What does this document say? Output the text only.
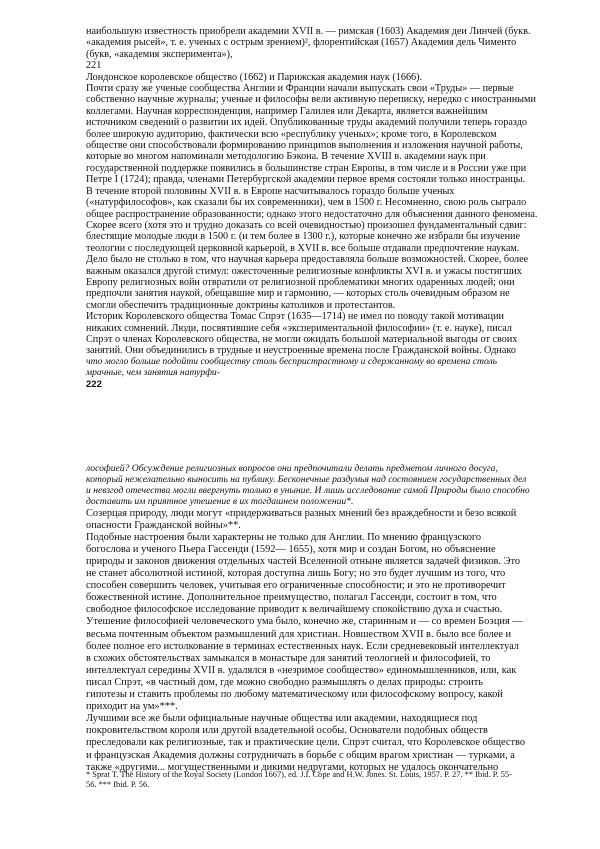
наибольшую известность приобрели академии XVII в. — римская (1603) Академия деи Линчей (букв.

«академия рысей», т. е. ученых с острым зрением)², флорентийская (1657) Академия дель Чименто

(букв, «академия эксперимента»),

221

Лондонское королевское общество (1662) и Парижская академия наук (1666).

Почти сразу же ученые сообщества Англии и Франции начали выпускать свои «Труды» — первые

собственно научные журналы; ученые и философы вели активную переписку, нередко с иностранными

коллегами. Научная корреспонденция, например Галилея или Декарта, является важнейшим

источником сведений о развитии их идей. Опубликованные труды академий получили теперь гораздо

более широкую аудиторию, фактически всю «республику ученых»; кроме того, в Королевском

обществе они способствовали формированию принципов выполнения и изложения научной работы,

которые во многом напоминали методологию Бэкона. В течение XVIII в. академии наук при

государственной поддержке появились в большинстве стран Европы, в том числе и в России уже при

Петре I (1724); правда, членами Петербургской академии первое время состояли только иностранцы.

В течение второй половины XVII в. в Европе насчитывалось гораздо больше ученых

(«натурфилософов», как сказали бы их современники), чем в 1500 г. Несомненно, свою роль сыграло

общее распространение образованности; однако этого недостаточно для объяснения данного феномена.

Скорее всего (хотя это и трудно доказать со всей очевидностью) произошел фундаментальный сдвиг:

блестящие молодые люди в 1500 г. (и тем более в 1300 г.), которые конечно же избрали бы изучение

теологии с последующей церковной карьерой, в XVII в. все больше отдавали предпочтение наукам.

Дело было не столько в том, что научная карьера предоставляла больше возможностей. Скорее, более

важным оказался другой стимул: ожесточенные религиозные конфликты XVI в. и ужасы постигших

Европу религиозных войн отвратили от религиозной проблематики многих одаренных людей; они

предпочли занятия наукой, обещавшие мир и гармонию, — которых столь очевидным образом не

смогли обеспечить традиционные доктрины католиков и протестантов.

Историк Королевского общества Томас Спрэт (1635—1714) не имел по поводу такой мотивации

никаких сомнений. Люди, посвятившие себя «экспериментальной философии» (т. е. науке), писал

Спрэт о членах Королевского общества, не могли ожидать большой материальной выгоды от своих

занятий. Они объединились в трудные и неустроенные времена после Гражданской войны. Однако

что могло больше подойти сообществу столь беспристрастному и сдержанному во времена столь

мрачные, чем занятия натурфи-

222

лософией? Обсуждение религиозных вопросов они предпочитали делать предметом личного досуга,

который нежелательно выносить на публику. Бесконечные раздумья над состоянием государственных дел

и невзгод отечества могли ввергнуть только в уныние. И лишь исследование самой Природы было способно

доставить им приятное утешение в их тогдашнем положении*.

Созерцая природу, люди могут «придерживаться разных мнений без враждебности и безо всякой

опасности Гражданской войны»**.

Подобные настроения были характерны не только для Англии. По мнению французского

богослова и ученого Пьера Гассенди (1592— 1655), хотя мир и создан Богом, но объяснение

природы и законов движения отдельных частей Вселенной отныне является задачей физиков. Это

не станет абсолютной истиной, которая доступна лишь Богу; но это будет лучшим из того, что

способен совершить человек, учитывая его ограниченные способности; и это не противоречит

божественной истине. Дополнительное преимущество, полагал Гассенди, состоит в том, что

свободное философское исследование приводит к величайшему спокойствию духа и счастью.

Утешение философией человеческого ума было, конечно же, старинным и — со времен Боэция —

весьма почтенным объектом размышлений для христиан. Новшеством XVII в. было все более и

более полное его истолкование в терминах естественных наук. Если средневековый интеллектуал

в схожих обстоятельствах замыкался в монастыре для занятий теологией и философией, то

интеллектуал середины XVII в. удалялся в «незримое сообщество» единомышленников, или, как

писал Спрэт, «в частный дом, где можно свободно размышлять о делах природы: строить

гипотезы и ставить проблемы по любому математическому или философскому вопросу, какой

приходит на ум»***.

Лучшими все же были официальные научные общества или академии, находящиеся под

покровительством короля или другой владетельной особы. Основатели подобных обществ

преследовали как религиозные, так и практические цели. Спрэт считал, что Королевское общество

и французская Академия должны сотрудничать в борьбе с общим врагом христиан — турками, а

также «другими... могущественными и дикими недругами, которых не удалось окончательно

* Sprat T. The History of the Royal Society (London 1667), ed. J.I. Cope and H.W. Jones. St. Louis, 1957. P. 27. ** Ibid. P. 55-

56. *** Ibid. P. 56.
